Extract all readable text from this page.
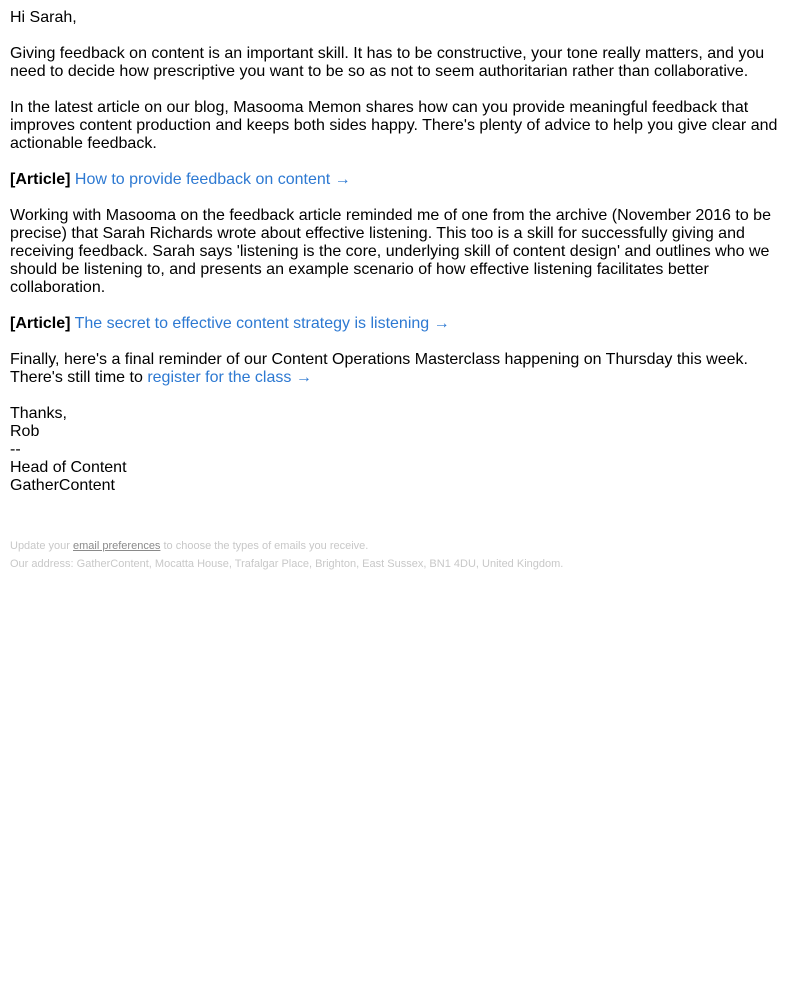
Hi Sarah,

Giving feedback on content is an important skill. It has to be constructive, your tone really matters, and you need to decide how prescriptive you want to be so as not to seem authoritarian rather than collaborative.

In the latest article on our blog, Masooma Memon shares how can you provide meaningful feedback that improves content production and keeps both sides happy. There's plenty of advice to help you give clear and actionable feedback.

[Article] How to provide feedback on content →

Working with Masooma on the feedback article reminded me of one from the archive (November 2016 to be precise) that Sarah Richards wrote about effective listening. This too is a skill for successfully giving and receiving feedback. Sarah says 'listening is the core, underlying skill of content design' and outlines who we should be listening to, and presents an example scenario of how effective listening facilitates better collaboration.

[Article] The secret to effective content strategy is listening →

Finally, here's a final reminder of our Content Operations Masterclass happening on Thursday this week. There's still time to register for the class →

Thanks,
Rob
--
Head of Content
GatherContent

Update your email preferences to choose the types of emails you receive.

Our address: GatherContent, Mocatta House, Trafalgar Place, Brighton, East Sussex, BN1 4DU, United Kingdom.
